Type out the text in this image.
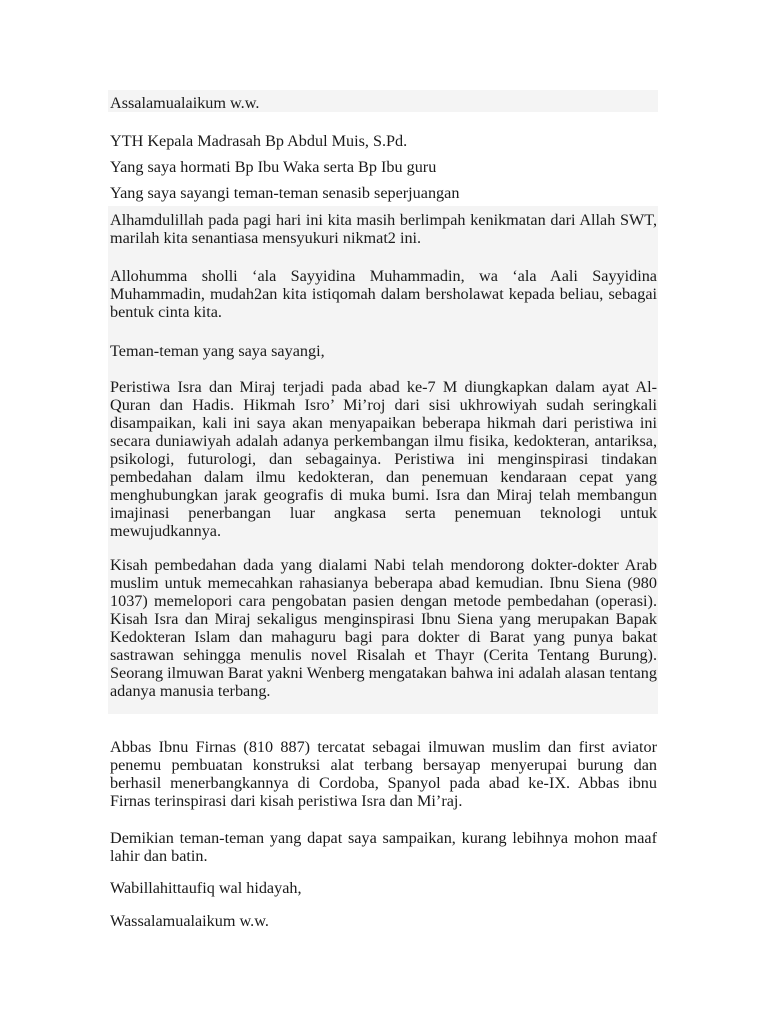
Assalamualaikum w.w.

YTH Kepala Madrasah Bp Abdul Muis, S.Pd.

Yang saya hormati Bp Ibu Waka serta Bp Ibu guru

Yang saya sayangi teman-teman senasib seperjuangan

Alhamdulillah pada pagi hari ini kita masih berlimpah kenikmatan dari Allah SWT, marilah kita senantiasa mensyukuri nikmat2 ini.

Allohumma sholli ‘ala Sayyidina Muhammadin, wa ‘ala Aali Sayyidina Muhammadin, mudah2an kita istiqomah dalam bersholawat kepada beliau, sebagai bentuk cinta kita.

Teman-teman yang saya sayangi,

Peristiwa Isra dan Miraj terjadi pada abad ke-7 M diungkapkan dalam ayat Al-Quran dan Hadis. Hikmah Isro’ Mi’roj dari sisi ukhrowiyah sudah seringkali disampaikan, kali ini saya akan menyapaikan beberapa hikmah dari peristiwa ini secara duniawiyah adalah adanya perkembangan ilmu fisika, kedokteran, antariksa, psikologi, futurologi, dan sebagainya. Peristiwa ini menginspirasi tindakan pembedahan dalam ilmu kedokteran, dan penemuan kendaraan cepat yang menghubungkan jarak geografis di muka bumi. Isra dan Miraj telah membangun imajinasi penerbangan luar angkasa serta penemuan teknologi untuk mewujudkannya.

Kisah pembedahan dada yang dialami Nabi telah mendorong dokter-dokter Arab muslim untuk memecahkan rahasianya beberapa abad kemudian. Ibnu Siena (980 1037) memelopori cara pengobatan pasien dengan metode pembedahan (operasi). Kisah Isra dan Miraj sekaligus menginspirasi Ibnu Siena yang merupakan Bapak Kedokteran Islam dan mahaguru bagi para dokter di Barat yang punya bakat sastrawan sehingga menulis novel Risalah et Thayr (Cerita Tentang Burung). Seorang ilmuwan Barat yakni Wenberg mengatakan bahwa ini adalah alasan tentang adanya manusia terbang.

Abbas Ibnu Firnas (810 887) tercatat sebagai ilmuwan muslim dan first aviator penemu pembuatan konstruksi alat terbang bersayap menyerupai burung dan berhasil menerbangkannya di Cordoba, Spanyol pada abad ke-IX. Abbas ibnu Firnas terinspirasi dari kisah peristiwa Isra dan Mi’raj.

Demikian teman-teman yang dapat saya sampaikan, kurang lebihnya mohon maaf lahir dan batin.

Wabillahittaufiq wal hidayah,

Wassalamualaikum w.w.
